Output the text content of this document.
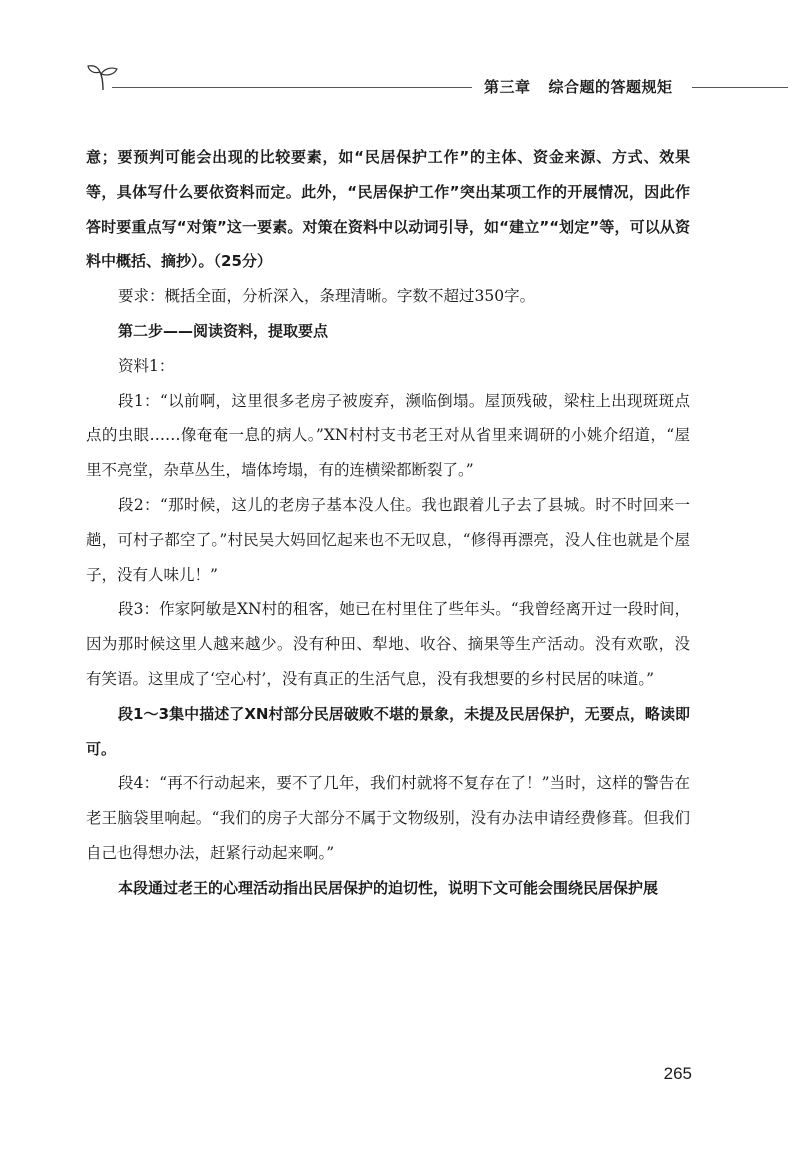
第三章 综合题的答题规矩

意；要预判可能会出现的比较要素，如“民居保护工作”的主体、资金来源、方式、效果等，具体写什么要依资料而定。此外，“民居保护工作”突出某项工作的开展情况，因此作答时要重点写“对策”这一要素。对策在资料中以动词引导，如“建立”“划定”等，可以从资料中概括、摘抄）。（25分）

要求：概括全面，分析深入，条理清晰。字数不超过350字。

第二步——阅读资料，提取要点

资料1：

段1：“以前啊，这里很多老房子被废弃，濒临倒塌。屋顶残破，梁柱上出现斑斑点点的虫眼……像奄奄一息的病人。”XN村村支书老王对从省里来调研的小姚介绍道，“屋里不亮堂，杂草丛生，墙体垮塌，有的连横梁都断裂了。”

段2：“那时候，这儿的老房子基本没人住。我也跟着儿子去了县城。时不时回来一趟，可村子都空了。”村民吴大妈回忆起来也不无叹息，“修得再漂亮，没人住也就是个屋子，没有人味儿！”

段3：作家阿敏是XN村的租客，她已在村里住了些年头。“我曾经离开过一段时间，因为那时候这里人越来越少。没有种田、犁地、收谷、摘果等生产活动。没有欢歌，没有笑语。这里成了‘空心村’，没有真正的生活气息，没有我想要的乡村民居的味道。”

段1～3集中描述了XN村部分民居破败不堪的景象，未提及民居保护，无要点，略读即可。

段4：“再不行动起来，要不了几年，我们村就将不复存在了！”当时，这样的警告在老王脑袋里响起。“我们的房子大部分不属于文物级别，没有办法申请经费修葺。但我们自己也得想办法，赶紧行动起来啊。”

本段通过老王的心理活动指出民居保护的迫切性，说明下文可能会围绕民居保护展

265
